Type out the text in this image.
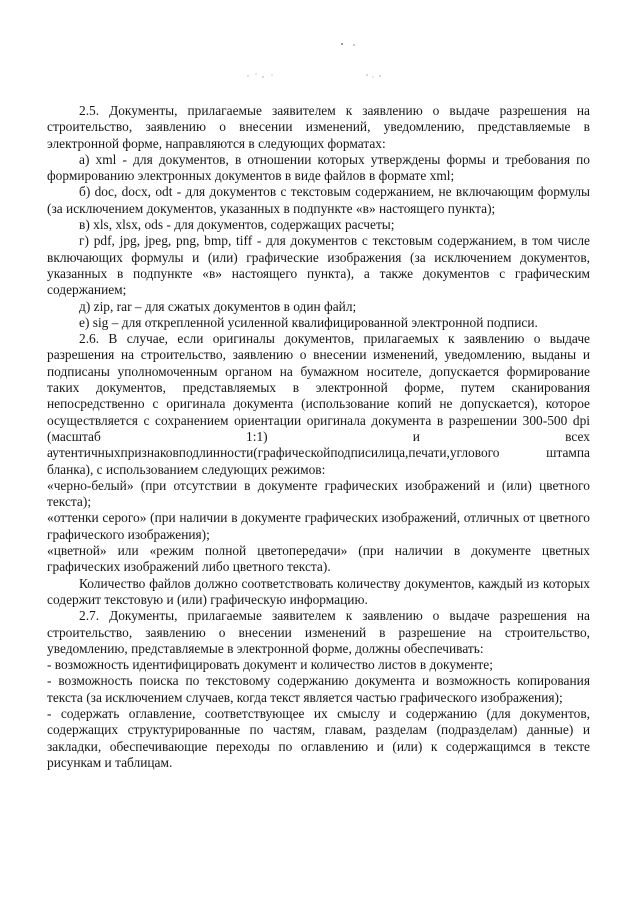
2.5. Документы, прилагаемые заявителем к заявлению о выдаче разрешения на строительство, заявлению о внесении изменений, уведомлению, представляемые в электронной форме, направляются в следующих форматах:

а) xml - для документов, в отношении которых утверждены формы и требования по формированию электронных документов в виде файлов в формате xml;

б) doc, docx, odt - для документов с текстовым содержанием, не включающим формулы (за исключением документов, указанных в подпункте «в» настоящего пункта);

в) xls, xlsx, ods - для документов, содержащих расчеты;

г) pdf, jpg, jpeg, png, bmp, tiff - для документов с текстовым содержанием, в том числе включающих формулы и (или) графические изображения (за исключением документов, указанных в подпункте «в» настоящего пункта), а также документов с графическим содержанием;

д) zip, rar – для сжатых документов в один файл;

е) sig – для открепленной усиленной квалифицированной электронной подписи.

2.6. В случае, если оригиналы документов, прилагаемых к заявлению о выдаче разрешения на строительство, заявлению о внесении изменений, уведомлению, выданы и подписаны уполномоченным органом на бумажном носителе, допускается формирование таких документов, представляемых в электронной форме, путем сканирования непосредственно с оригинала документа (использование копий не допускается), которое осуществляется с сохранением ориентации оригинала документа в разрешении 300-500 dpi (масштаб 1:1) и всех аутентичныхпризнаковподлинности(графическойподписилица,печати,углового штампа бланка), с использованием следующих режимов:

«черно-белый» (при отсутствии в документе графических изображений и (или) цветного текста);

«оттенки серого» (при наличии в документе графических изображений, отличных от цветного графического изображения);

«цветной» или «режим полной цветопередачи» (при наличии в документе цветных графических изображений либо цветного текста).

Количество файлов должно соответствовать количеству документов, каждый из которых содержит текстовую и (или) графическую информацию.

2.7. Документы, прилагаемые заявителем к заявлению о выдаче разрешения на строительство, заявлению о внесении изменений в разрешение на строительство, уведомлению, представляемые в электронной форме, должны обеспечивать:

- возможность идентифицировать документ и количество листов в документе;

- возможность поиска по текстовому содержанию документа и возможность копирования текста (за исключением случаев, когда текст является частью графического изображения);

- содержать оглавление, соответствующее их смыслу и содержанию (для документов, содержащих структурированные по частям, главам, разделам (подразделам) данные) и закладки, обеспечивающие переходы по оглавлению и (или) к содержащимся в тексте рисункам и таблицам.
